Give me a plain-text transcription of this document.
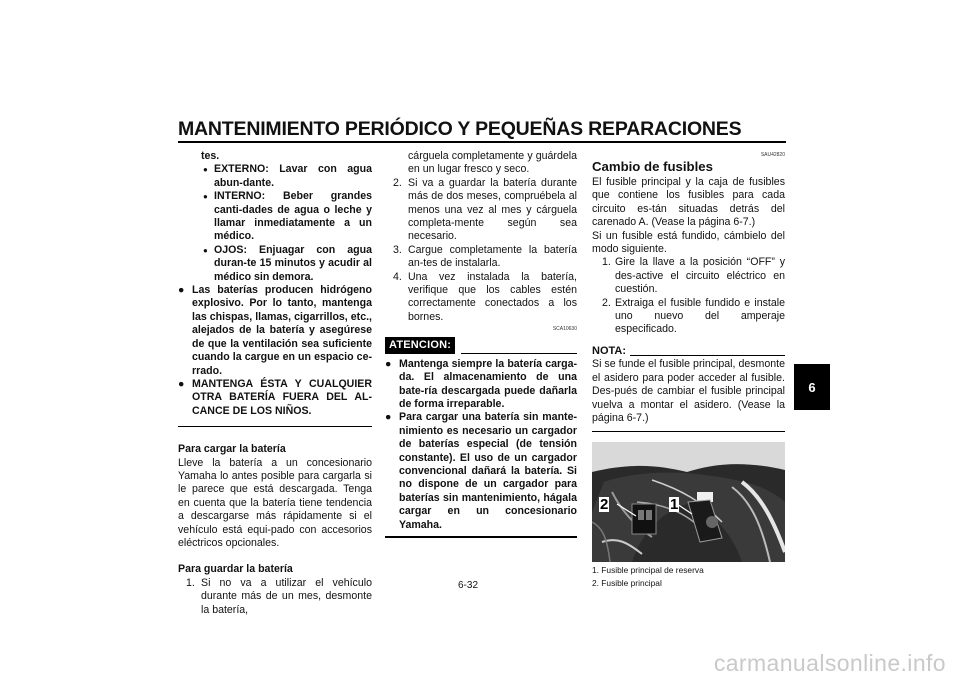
MANTENIMIENTO PERIÓDICO Y PEQUEÑAS REPARACIONES
6

tes.

● EXTERNO: Lavar con agua abun-dante.
● INTERNO: Beber grandes canti-dades de agua o leche y llamar inmediatamente a un médico.
● OJOS: Enjuagar con agua duran-te 15 minutos y acudir al médico sin demora.
● Las baterías producen hidrógeno explosivo. Por lo tanto, mantenga las chispas, llamas, cigarrillos, etc., alejados de la batería y asegúrese de que la ventilación sea suficiente cuando la cargue en un espacio ce-rrado.
● MANTENGA ÉSTA Y CUALQUIER OTRA BATERÍA FUERA DEL AL-CANCE DE LOS NIÑOS.

Para cargar la batería

Lleve la batería a un concesionario Yamaha lo antes posible para cargarla si le parece que está descargada. Tenga en cuenta que la batería tiene tendencia a descargarse más rápidamente si el vehículo está equi-pado con accesorios eléctricos opcionales.

Para guardar la batería

1. Si no va a utilizar el vehículo durante más de un mes, desmonte la batería,

cárguela completamente y guárdela en un lugar fresco y seco.

2. Si va a guardar la batería durante más de dos meses, compruébela al menos una vez al mes y cárguela completa-mente según sea necesario.
3. Cargue completamente la batería an-tes de instalarla.
4. Una vez instalada la batería, verifique que los cables estén correctamente conectados a los bornes.
SCA10630
ATENCION:
● Mantenga siempre la batería carga-da. El almacenamiento de una bate-ría descargada puede dañarla de forma irreparable.
● Para cargar una batería sin mante-nimiento es necesario un cargador de baterías especial (de tensión constante). El uso de un cargador convencional dañará la batería. Si no dispone de un cargador para baterías sin mantenimiento, hágala cargar en un concesionario Yamaha.
SAU42820
Cambio de fusibles

El fusible principal y la caja de fusibles que contiene los fusibles para cada circuito es-tán situadas detrás del carenado A. (Vease la página 6-7.)

Si un fusible está fundido, cámbielo del modo siguiente.

1. Gire la llave a la posición “OFF” y des-active el circuito eléctrico en cuestión.
2. Extraiga el fusible fundido e instale uno nuevo del amperaje especificado.
NOTA:

Si se funde el fusible principal, desmonte el asidero para poder acceder al fusible. Des-pués de cambiar el fusible principal vuelva a montar el asidero. (Vease la página 6-7.)

2	1
1. Fusible principal de reserva
2. Fusible principal
6-32
carmanualsonline.info
